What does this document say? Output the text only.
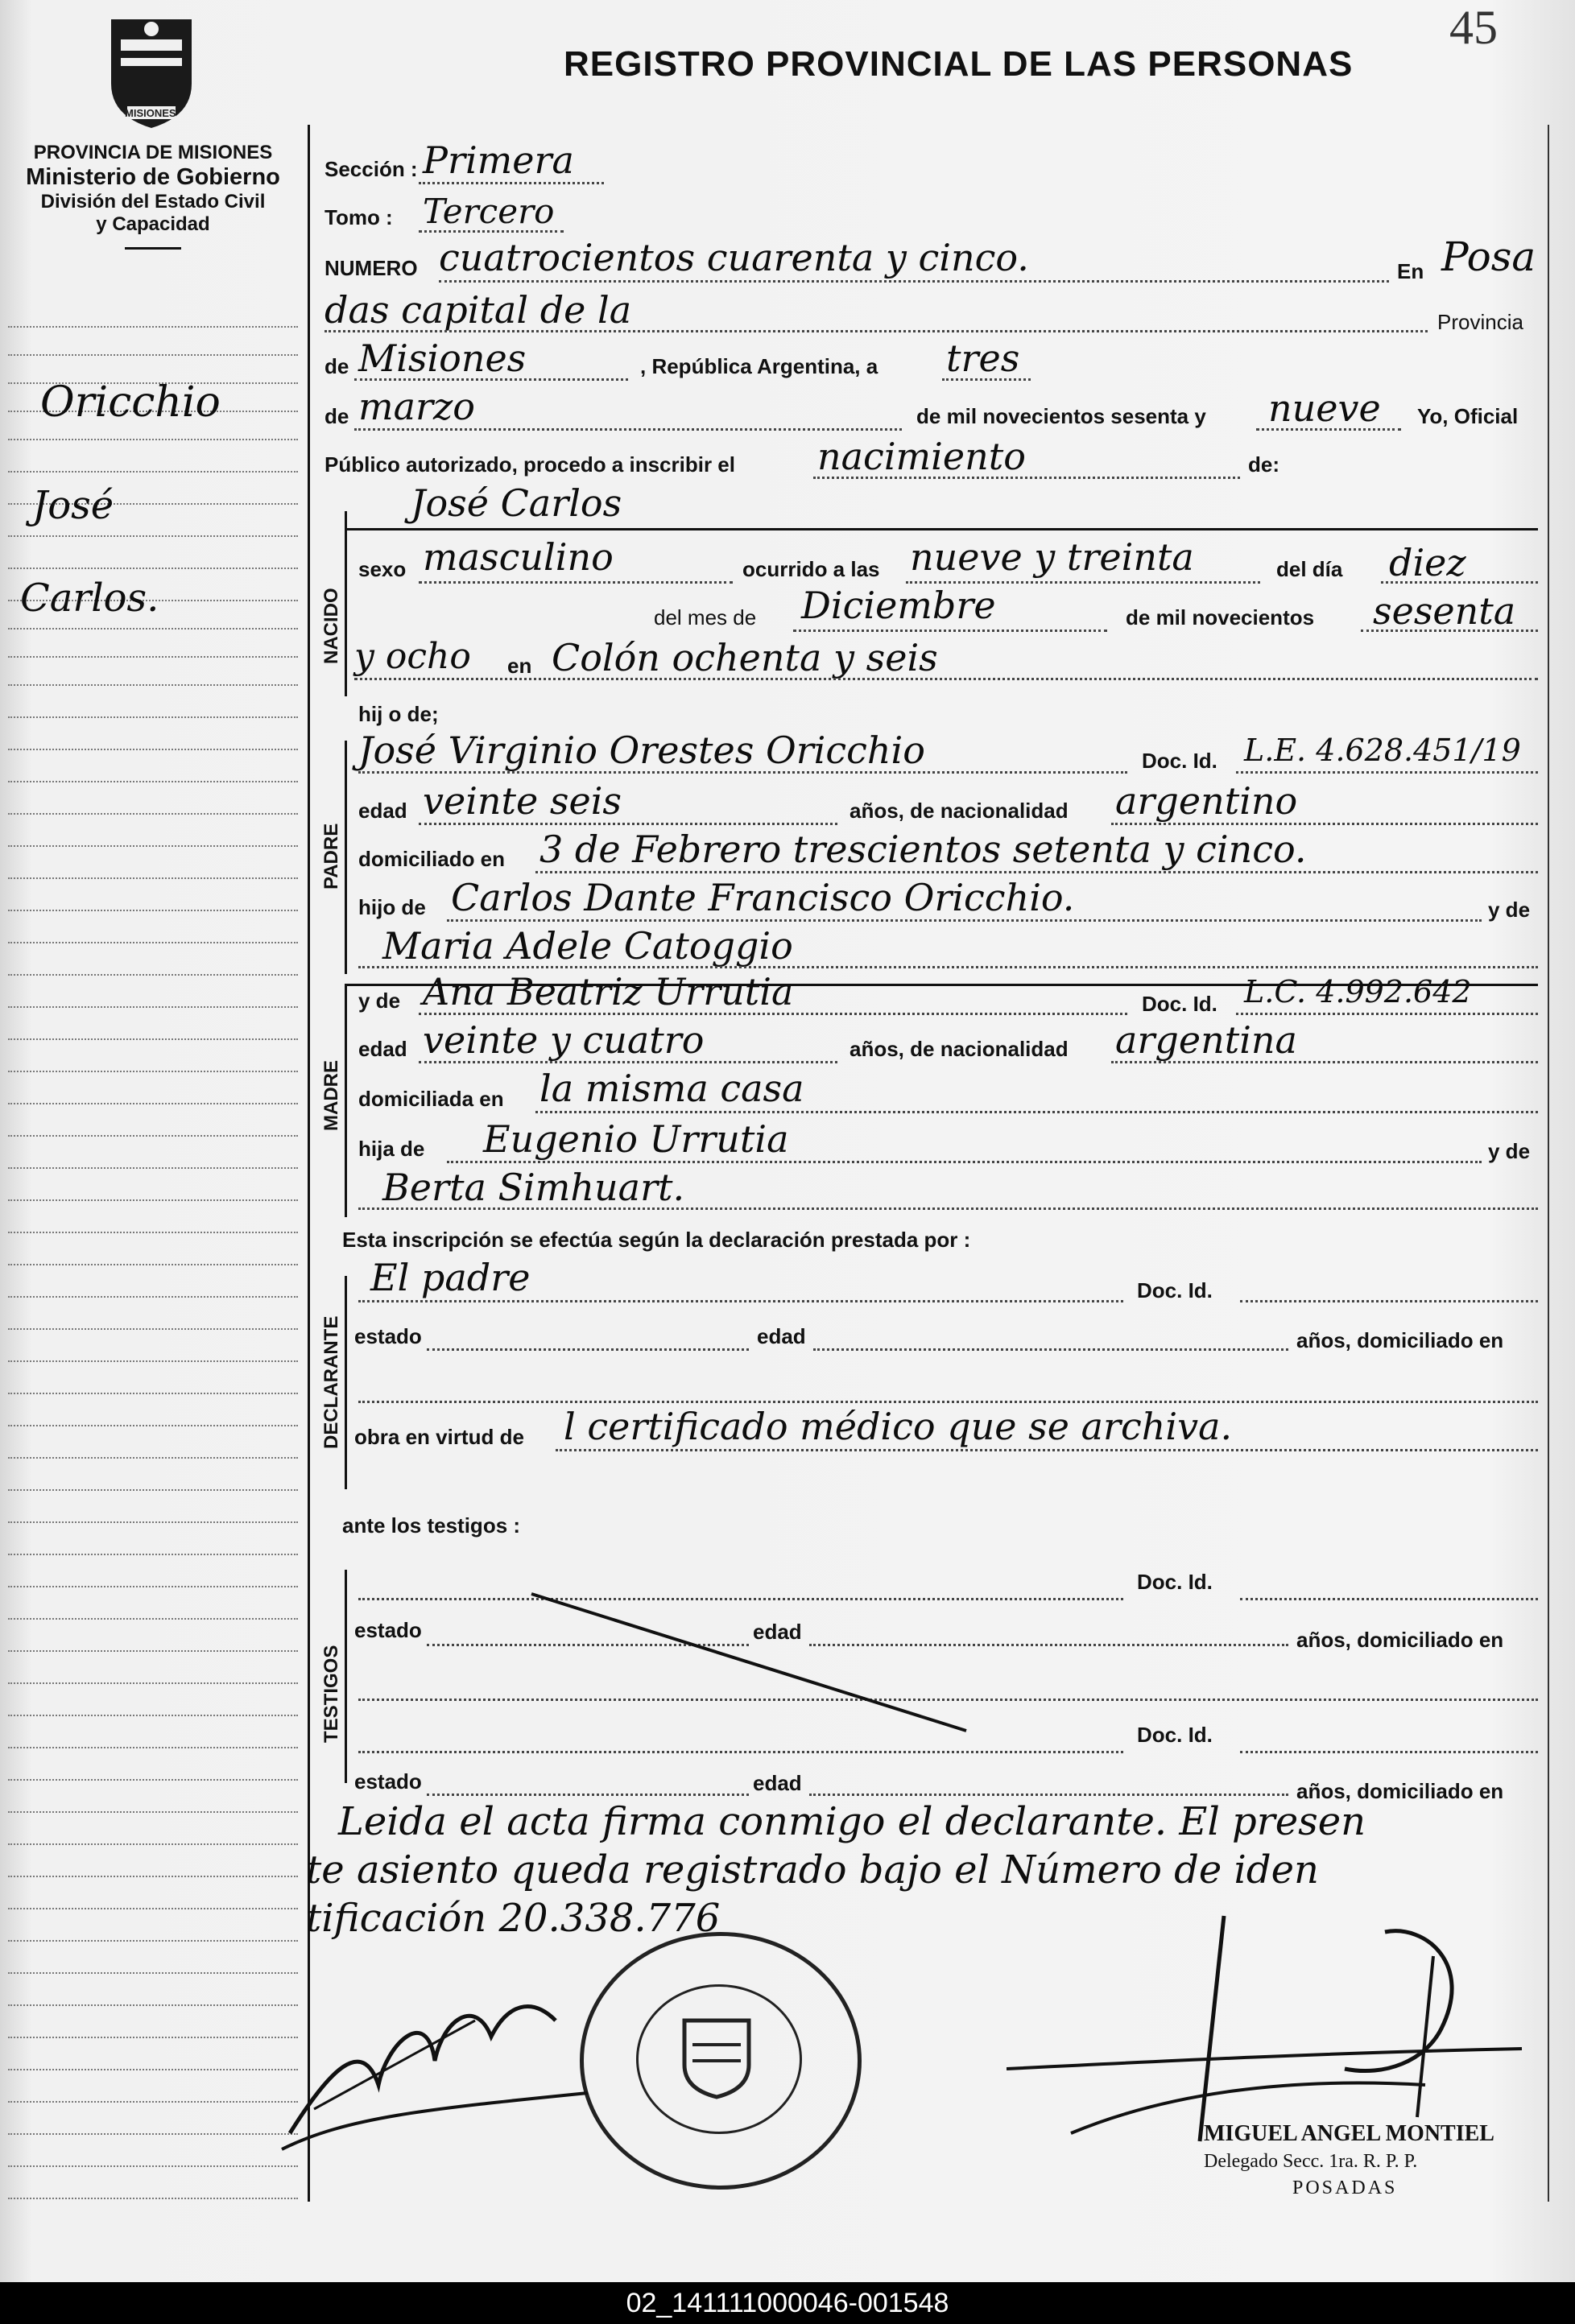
45
REGISTRO PROVINCIAL DE LAS PERSONAS
MISIONES
PROVINCIA DE MISIONES
Ministerio de Gobierno
División del Estado Civil
y Capacidad
Oricchio
José
Carlos.
Sección : Primera
Tomo : Tercero
NUMERO cuatrocientos cuarenta y cinco.	En Posa
das capital de la	Provincia
de Misiones	, República Argentina, a tres
de marzo	de mil novecientos sesenta y nueve Yo, Oficial
Público autorizado, procedo a inscribir el nacimiento	de:
José Carlos
NACIDO
sexo masculino	ocurrido a las nueve y treinta	del día diez
del mes de Diciembre	de mil novecientos sesenta
y ocho en Colón ochenta y seis
hij o de;
José Virginio Orestes Oricchio	Doc. Id. L.E. 4.628.451/19
PADRE
edad veinte seis	años, de nacionalidad argentino
domiciliado en 3 de Febrero trescientos setenta y cinco.
hijo de Carlos Dante Francisco Oricchio.	y de
Maria Adele Catoggio
MADRE
y de Ana Beatriz Urrutia	Doc. Id. L.C. 4.992.642
edad veinte y cuatro	años, de nacionalidad argentina
domiciliada en la misma casa
hija de Eugenio Urrutia	y de
Berta Simhuart.
Esta inscripción se efectúa según la declaración prestada por :
El padre	Doc. Id.
DECLARANTE estado	edad	años, domiciliado en
obra en virtud de l certificado médico que se archiva.
ante los testigos :
Doc. Id.
TESTIGOS
estado	edad	años, domiciliado en
Doc. Id.
estado	edad	años, domiciliado en
Leida el acta firma conmigo el declarante. El presen
te asiento queda registrado bajo el Número de iden
tificación 20.338.776
MIGUEL ANGEL MONTIEL
Delegado Secc. 1ra. R. P. P.
POSADAS
02_141111000046-001548
